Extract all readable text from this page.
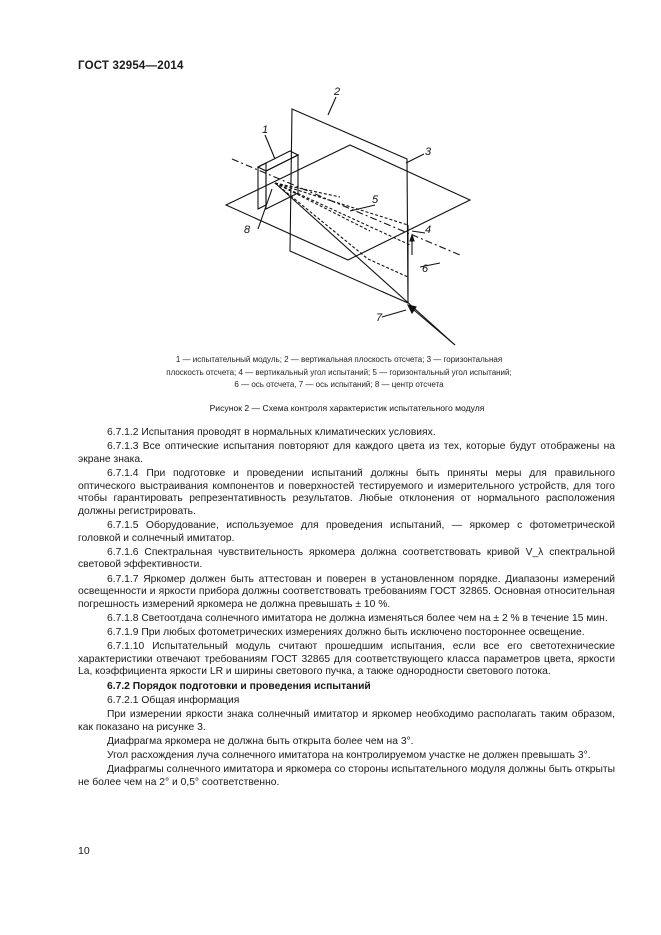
ГОСТ 32954—2014
1
2
3
4
5
6
7
8
1 — испытательный модуль; 2 — вертикальная плоскость отсчета; 3 — горизонтальная
плоскость отсчета; 4 — вертикальный угол испытаний; 5 — горизонтальный угол испытаний;
6 — ось отсчета, 7 — ось испытаний; 8 — центр отсчета
Рисунок 2 — Схема контроля характеристик испытательного модуля

6.7.1.2 Испытания проводят в нормальных климатических условиях.

6.7.1.3 Все оптические испытания повторяют для каждого цвета из тех, которые будут отображены на экране знака.

6.7.1.4 При подготовке и проведении испытаний должны быть приняты меры для правильного оптического выстраивания компонентов и поверхностей тестируемого и измерительного устройств, для того чтобы гарантировать репрезентативность результатов. Любые отклонения от нормального расположения должны регистрировать.

6.7.1.5 Оборудование, используемое для проведения испытаний, — яркомер с фотометрической головкой и солнечный имитатор.

6.7.1.6 Спектральная чувствительность яркомера должна соответствовать кривой V_λ спектральной световой эффективности.

6.7.1.7 Яркомер должен быть аттестован и поверен в установленном порядке. Диапазоны измерений освещенности и яркости прибора должны соответствовать требованиям ГОСТ 32865. Основная относительная погрешность измерений яркомера не должна превышать ± 10 %.

6.7.1.8 Светоотдача солнечного имитатора не должна изменяться более чем на ± 2 % в течение 15 мин.

6.7.1.9 При любых фотометрических измерениях должно быть исключено постороннее освещение.

6.7.1.10 Испытательный модуль считают прошедшим испытания, если все его светотехнические характеристики отвечают требованиям ГОСТ 32865 для соответствующего класса параметров цвета, яркости La, коэффициента яркости LR и ширины светового пучка, а также однородности светового потока.

6.7.2 Порядок подготовки и проведения испытаний

6.7.2.1 Общая информация

При измерении яркости знака солнечный имитатор и яркомер необходимо располагать таким образом, как показано на рисунке 3.

Диафрагма яркомера не должна быть открыта более чем на 3°.

Угол расхождения луча солнечного имитатора на контролируемом участке не должен превышать 3°.

Диафрагмы солнечного имитатора и яркомера со стороны испытательного модуля должны быть открыты не более чем на 2° и 0,5° соответственно.

10
